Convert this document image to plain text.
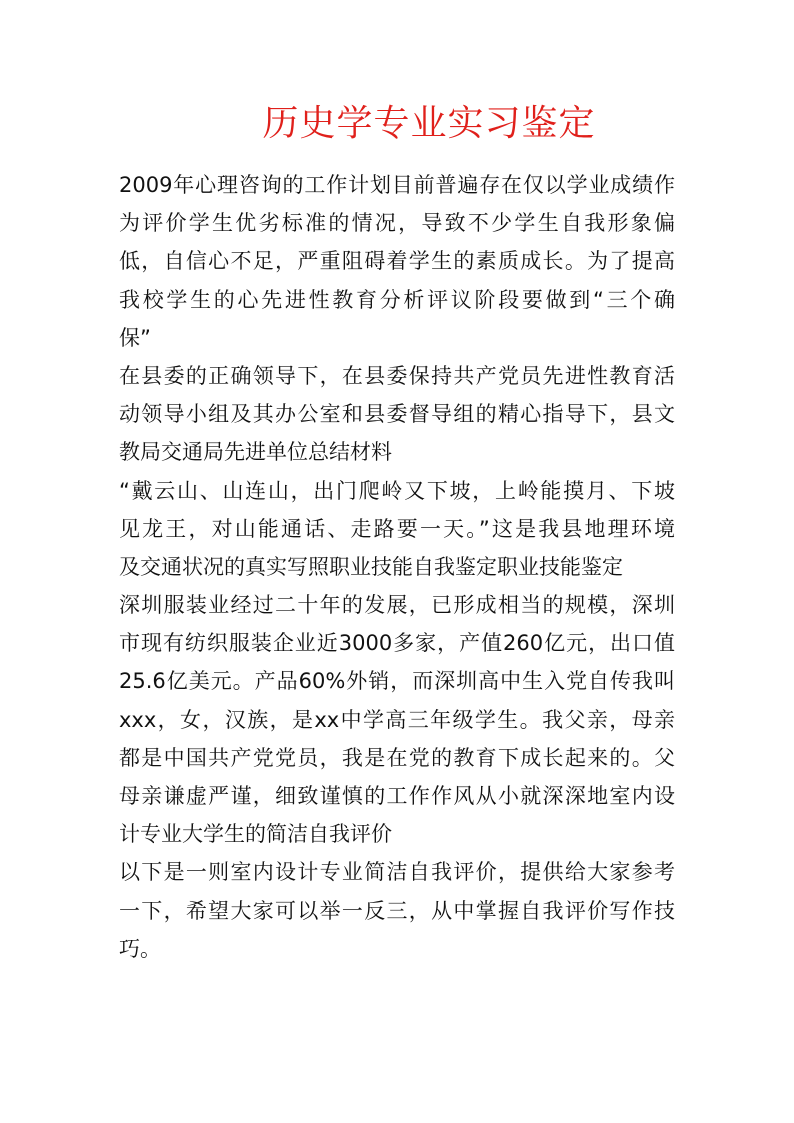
历史学专业实习鉴定
2009年心理咨询的工作计划目前普遍存在仅以学业成绩作
为评价学生优劣标准的情况，导致不少学生自我形象偏
低，自信心不足，严重阻碍着学生的素质成长。为了提高
我校学生的心先进性教育分析评议阶段要做到“三个确
保”
在县委的正确领导下，在县委保持共产党员先进性教育活
动领导小组及其办公室和县委督导组的精心指导下，县文
教局交通局先进单位总结材料
“戴云山、山连山，出门爬岭又下坡，上岭能摸月、下坡
见龙王，对山能通话、走路要一天。”这是我县地理环境
及交通状况的真实写照职业技能自我鉴定职业技能鉴定
深圳服装业经过二十年的发展，已形成相当的规模，深圳
市现有纺织服装企业近3000多家，产值260亿元，出口值
25.6亿美元。产品60%外销，而深圳高中生入党自传我叫
xxx，女，汉族，是xx中学高三年级学生。我父亲，母亲
都是中国共产党党员，我是在党的教育下成长起来的。父
母亲谦虚严谨，细致谨慎的工作作风从小就深深地室内设
计专业大学生的简洁自我评价
以下是一则室内设计专业简洁自我评价，提供给大家参考
一下，希望大家可以举一反三，从中掌握自我评价写作技
巧。
